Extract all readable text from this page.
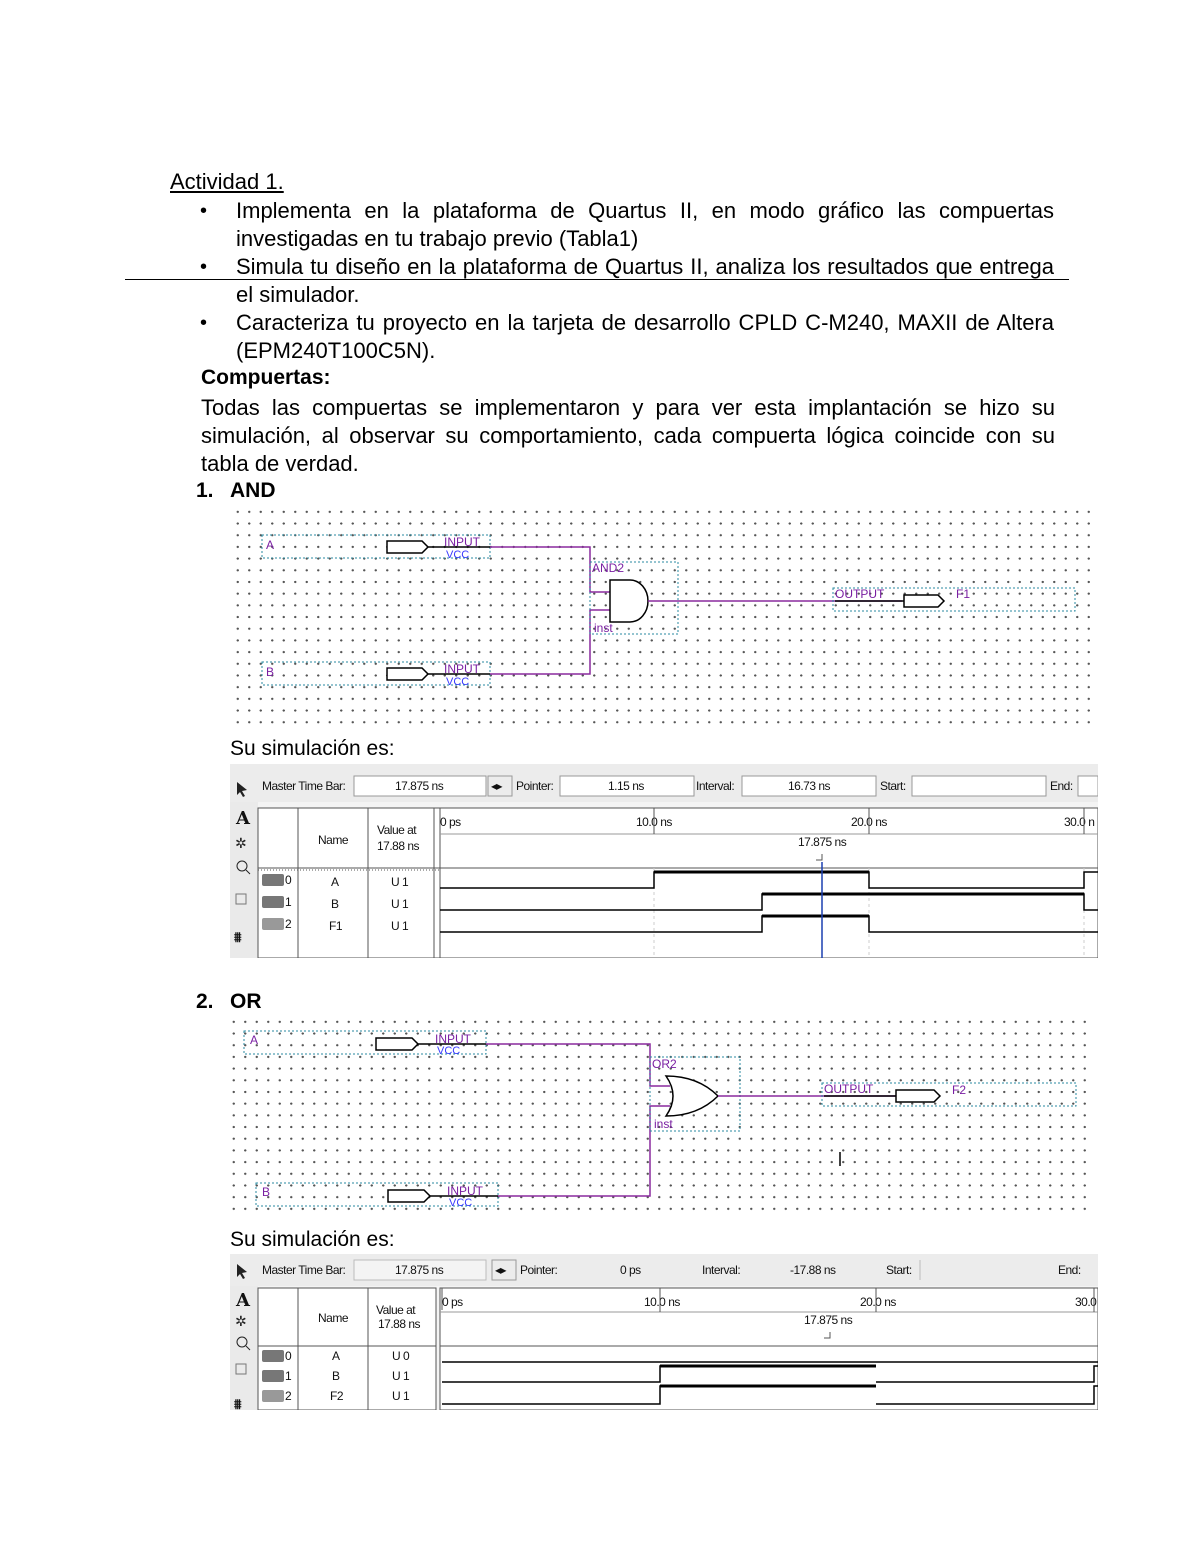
Actividad 1.
• Implementa en la plataforma de Quartus II, en modo gráfico las compuertas investigadas en tu trabajo previo (Tabla1)
• Simula tu diseño en la plataforma de Quartus II, analiza los resultados que entrega el simulador.
• Caracteriza tu proyecto en la tarjeta de desarrollo CPLD C-M240, MAXII de Altera (EPM240T100C5N).
Compuertas:
Todas las compuertas se implementaron y para ver esta implantación se hizo su simulación, al observar su comportamiento, cada compuerta lógica coincide con su tabla de verdad.
1. AND
A	INPUT
VCC
B	INPUT
VCC
AND2
inst
OUTPUT	F1
Su simulación es:
Master Time Bar:	17.875 ns	◂▸ Pointer:	1.15 ns	Interval:	16.73 ns	Start:	End:
A
✲
⩩
Name
Value at
17.88 ns
0	A	U 1
1	B	U 1
2	F1	U 1
0 ps	10.0 ns	20.0 ns	30.0 n
17.875 ns
2. OR
A	INPUT
VCC
B	INPUT
VCC
OR2
inst
OUTPUT	F2
Su simulación es:
Master Time Bar:	17.875 ns	◂▸ Pointer:	0 ps	Interval:	-17.88 ns	Start:	End:
A
✲
⩩
Name
Value at
17.88 ns
0	A	U 0
1	B	U 1
2	F2	U 1
0 ps	10.0 ns	20.0 ns	30.0
17.875 ns
